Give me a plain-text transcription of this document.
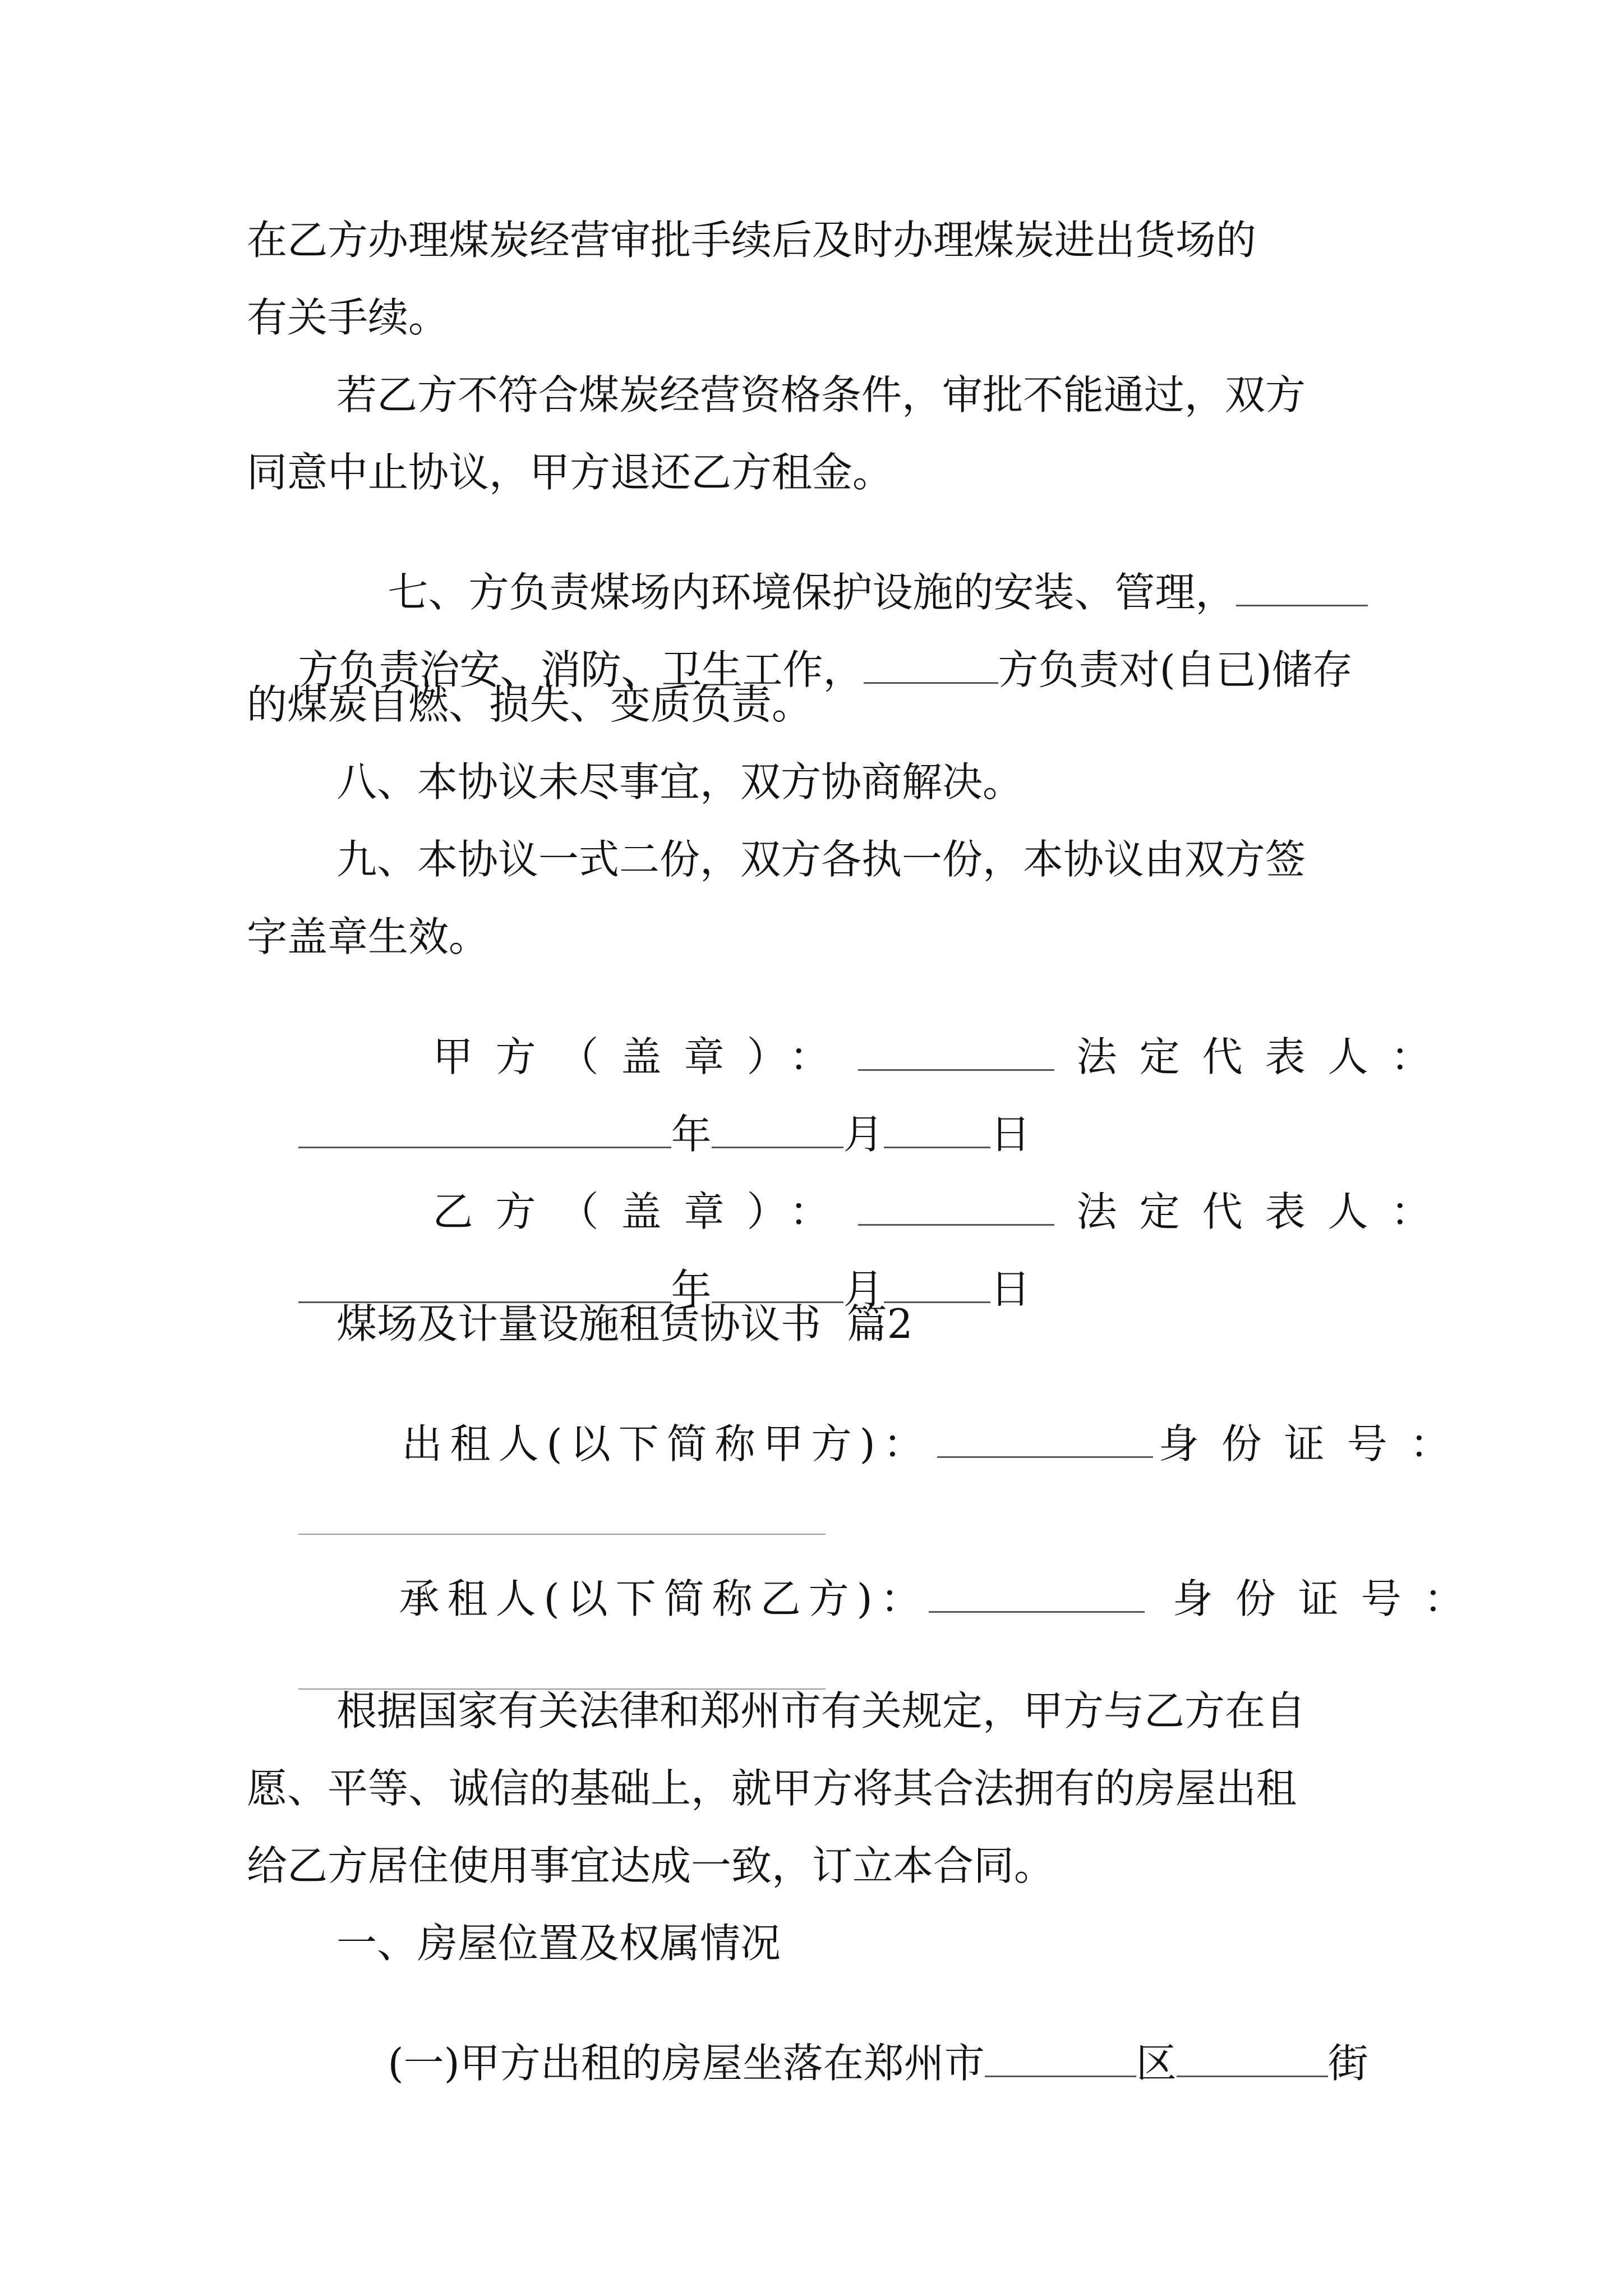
在乙方办理煤炭经营审批手续后及时办理煤炭进出货场的
有关手续。
若乙方不符合煤炭经营资格条件，审批不能通过，双方
同意中止协议，甲方退还乙方租金。

七、方负责煤场内环境保护设施的安装、管理，

方负责治安、消防、卫生工作，	方负责对(自已)储存

的煤炭自燃、损失、变质负责。
八、本协议未尽事宜，双方协商解决。
九、本协议一式二份，双方各执一份，本协议由双方签
字盖章生效。

甲方（盖章）：	法定代表人：

年	月	日

乙方（盖章）：	法定代表人：

年	月	日

煤场及计量设施租赁协议书  篇2

出租人(以下简称甲方)：	身份证号：

承租人(以下简称乙方)：	身份证号：

根据国家有关法律和郑州市有关规定，甲方与乙方在自
愿、平等、诚信的基础上，就甲方将其合法拥有的房屋出租
给乙方居住使用事宜达成一致，订立本合同。
一、房屋位置及权属情况

(一)甲方出租的房屋坐落在郑州市	区	街
